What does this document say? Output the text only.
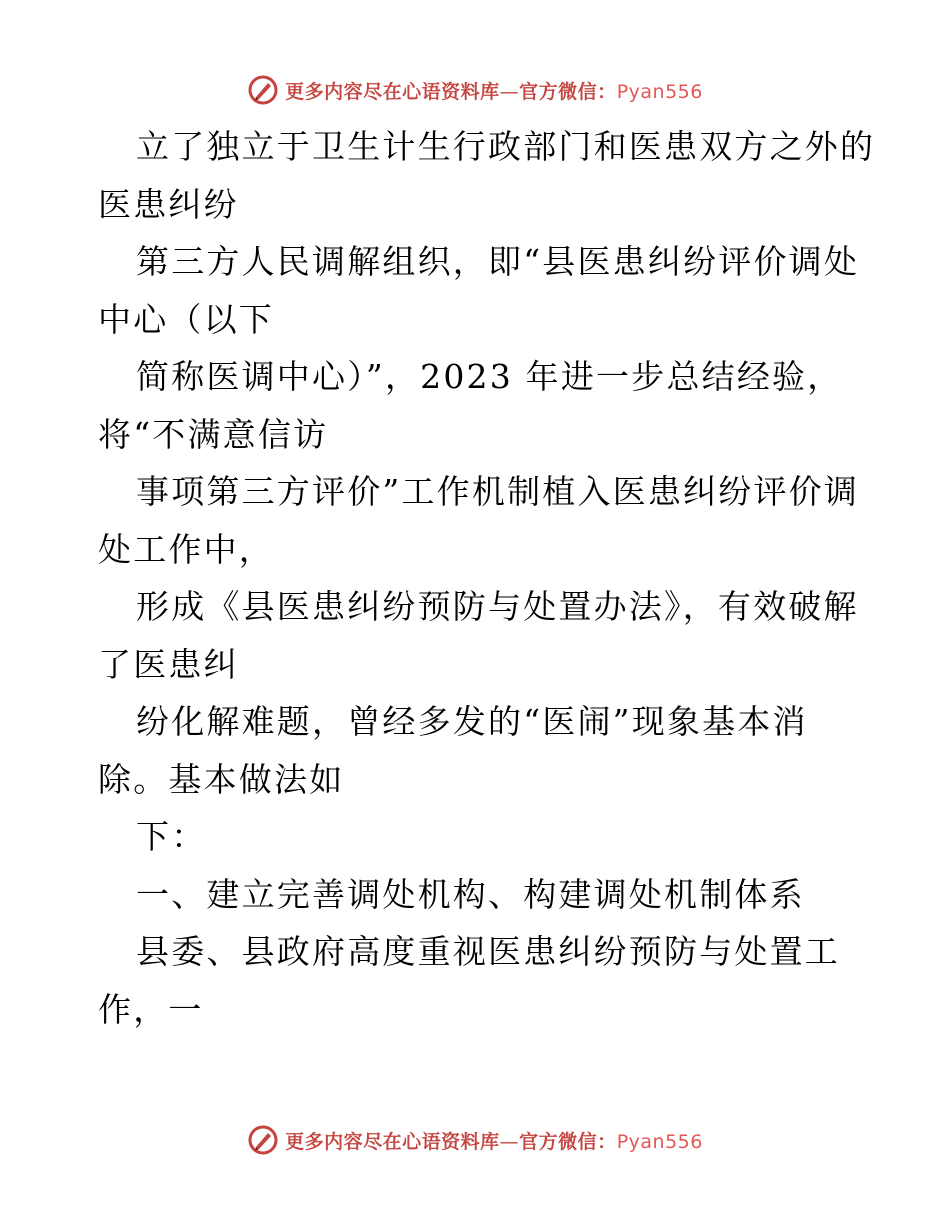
更多内容尽在心语资料库—官方微信：Pyan556
立了独立于卫生计生行政部门和医患双方之外的
医患纠纷
第三方人民调解组织，即“县医患纠纷评价调处
中心（以下
简称医调中心）”，2023 年进一步总结经验，
将“不满意信访
事项第三方评价”工作机制植入医患纠纷评价调
处工作中，
形成《县医患纠纷预防与处置办法》，有效破解
了医患纠
纷化解难题，曾经多发的“医闹”现象基本消
除。基本做法如
下：
一、建立完善调处机构、构建调处机制体系
县委、县政府高度重视医患纠纷预防与处置工
作，一
更多内容尽在心语资料库—官方微信：Pyan556
